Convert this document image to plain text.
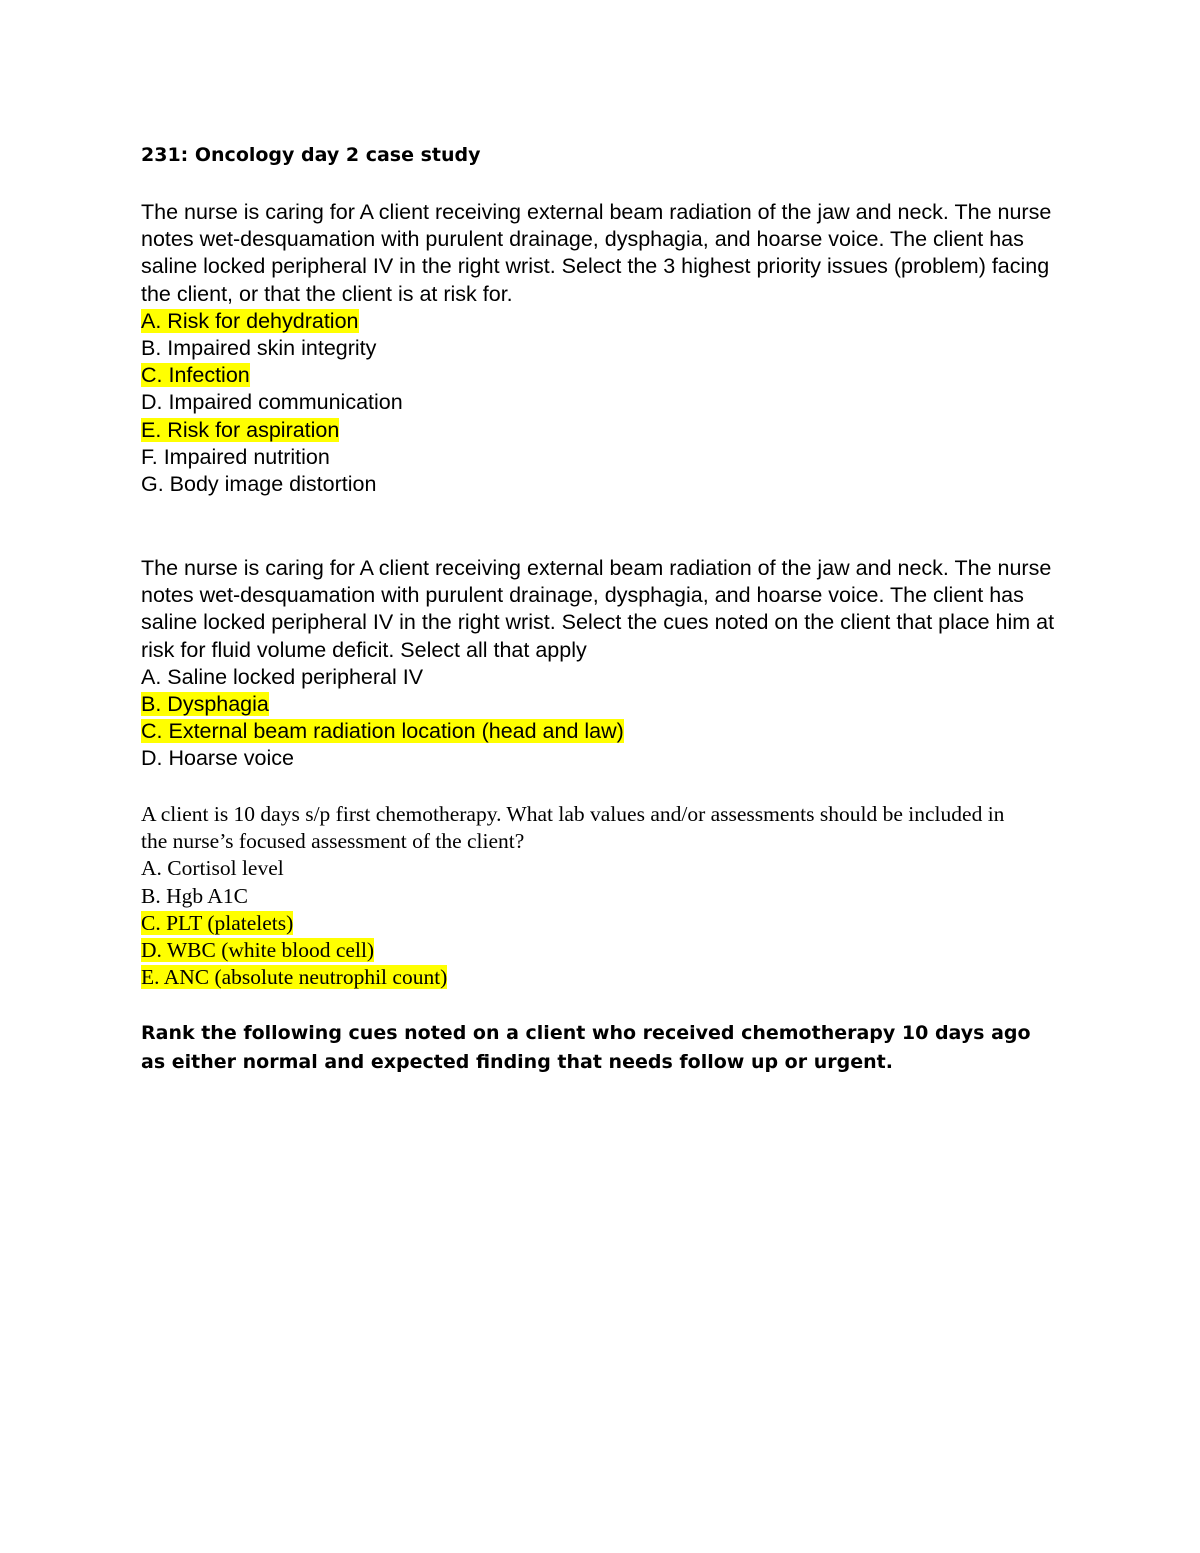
231: Oncology day 2 case study
The nurse is caring for A client receiving external beam radiation of the jaw and neck. The nurse notes wet-desquamation with purulent drainage, dysphagia, and hoarse voice. The client has saline locked peripheral IV in the right wrist. Select the 3 highest priority issues (problem) facing the client, or that the client is at risk for.
A. Risk for dehydration
B. Impaired skin integrity
C. Infection
D. Impaired communication
E. Risk for aspiration
F. Impaired nutrition
G. Body image distortion
The nurse is caring for A client receiving external beam radiation of the jaw and neck. The nurse notes wet-desquamation with purulent drainage, dysphagia, and hoarse voice. The client has saline locked peripheral IV in the right wrist. Select the cues noted on the client that place him at risk for fluid volume deficit. Select all that apply
A. Saline locked peripheral IV
B. Dysphagia
C. External beam radiation location (head and law)
D. Hoarse voice
A client is 10 days s/p first chemotherapy. What lab values and/or assessments should be included in the nurse’s focused assessment of the client?
A. Cortisol level
B. Hgb A1C
C. PLT (platelets)
D. WBC (white blood cell)
E. ANC (absolute neutrophil count)
Rank the following cues noted on a client who received chemotherapy 10 days ago as either normal and expected finding that needs follow up or urgent.
